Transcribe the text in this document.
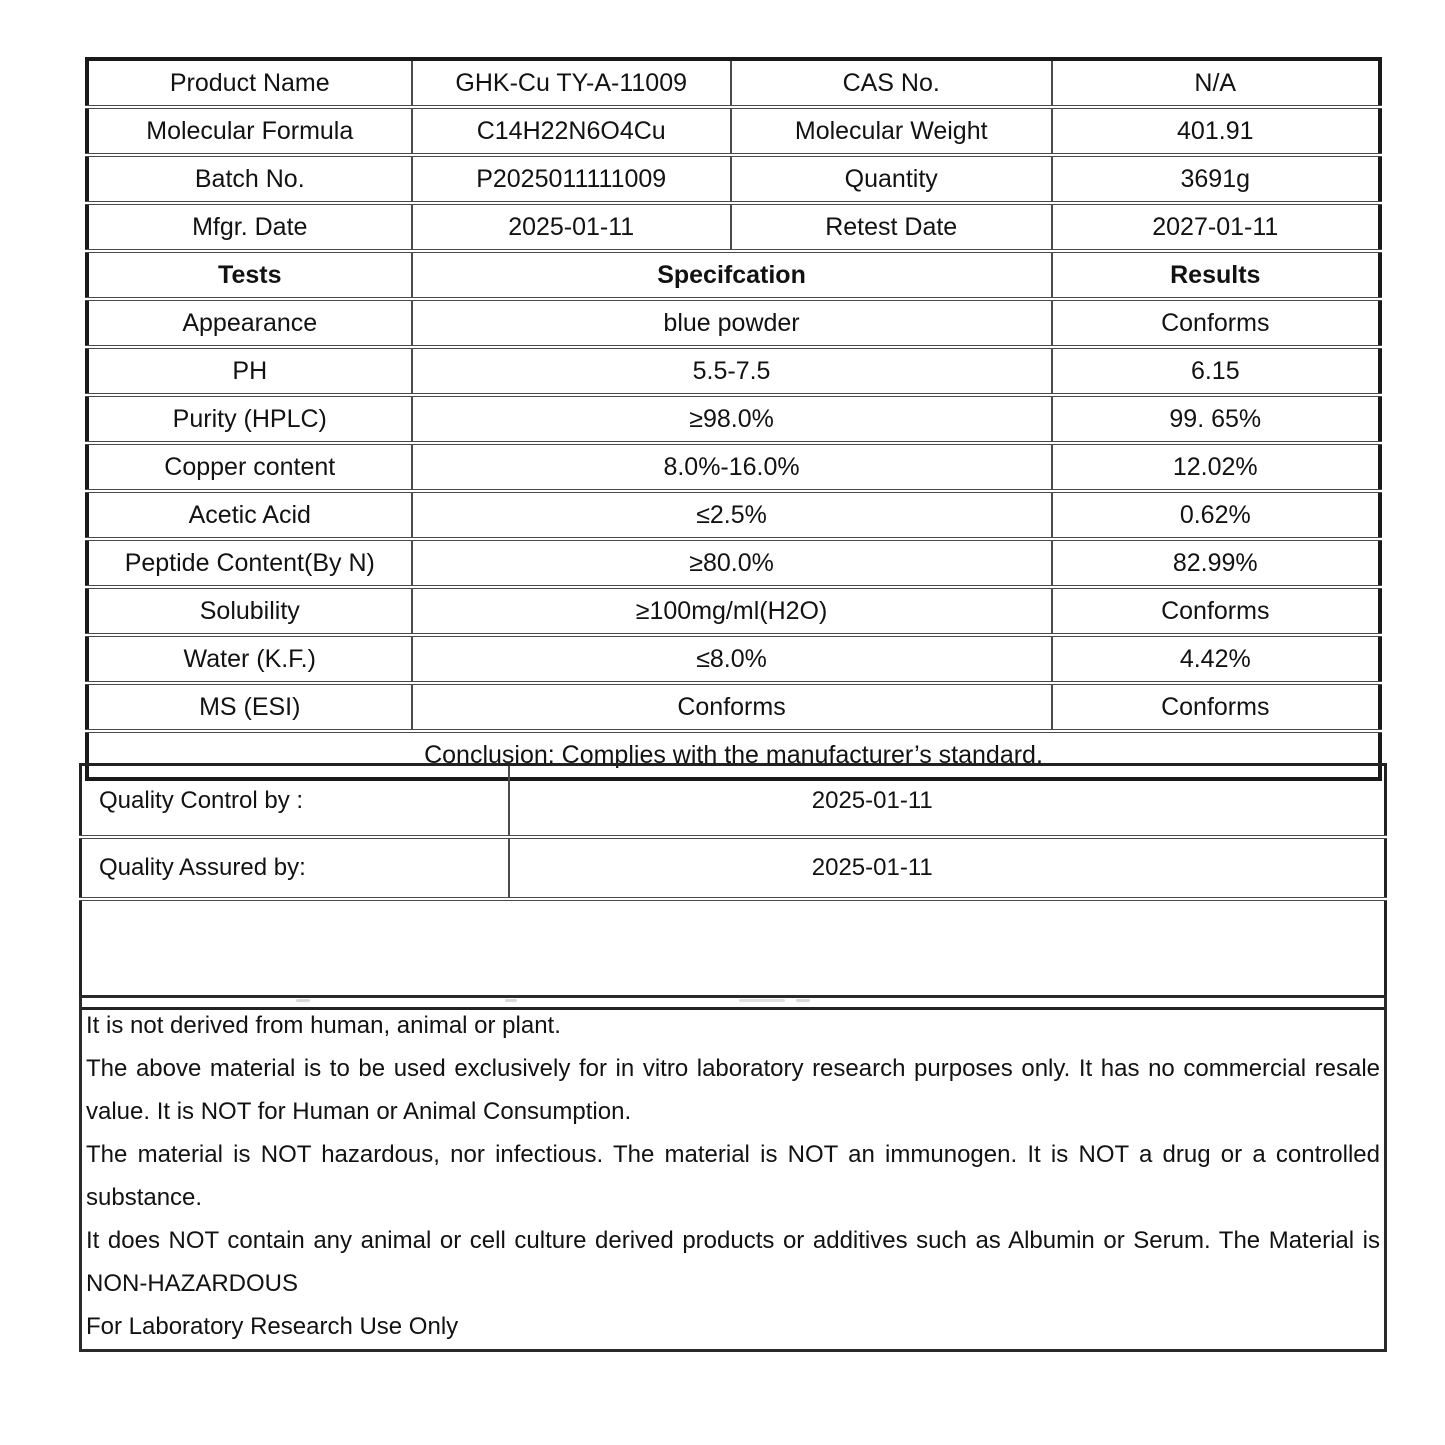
Product Name	GHK-Cu TY-A-11009	CAS No.	N/A
Molecular Formula	C14H22N6O4Cu	Molecular Weight	401.91
Batch No.	P2025011111009	Quantity	3691g
Mfgr. Date	2025-01-11	Retest Date	2027-01-11
Tests	Specifcation		Results
Appearance	blue powder		Conforms
PH	5.5-7.5		6.15
Purity (HPLC)	≥98.0%		99. 65%
Copper content	8.0%-16.0%		12.02%
Acetic Acid	≤2.5%		0.62%
Peptide Content(By N)	≥80.0%		82.99%
Solubility	≥100mg/ml(H2O)		Conforms
Water (K.F.)	≤8.0%		4.42%
MS (ESI)	Conforms		Conforms
Conclusion: Complies with the manufacturer’s standard.			
Quality Control by :	2025-01-11
Quality Assured by:	2025-01-11

It is not derived from human, animal or plant.

The above material is to be used exclusively for in vitro laboratory research purposes only. It has no commercial resale value. It is NOT for Human or Animal Consumption.

The material is NOT hazardous, nor infectious. The material is NOT an immunogen. It is NOT a drug or a controlled substance.

It does NOT contain any animal or cell culture derived products or additives such as Albumin or Serum. The Material is NON-HAZARDOUS

For Laboratory Research Use Only
